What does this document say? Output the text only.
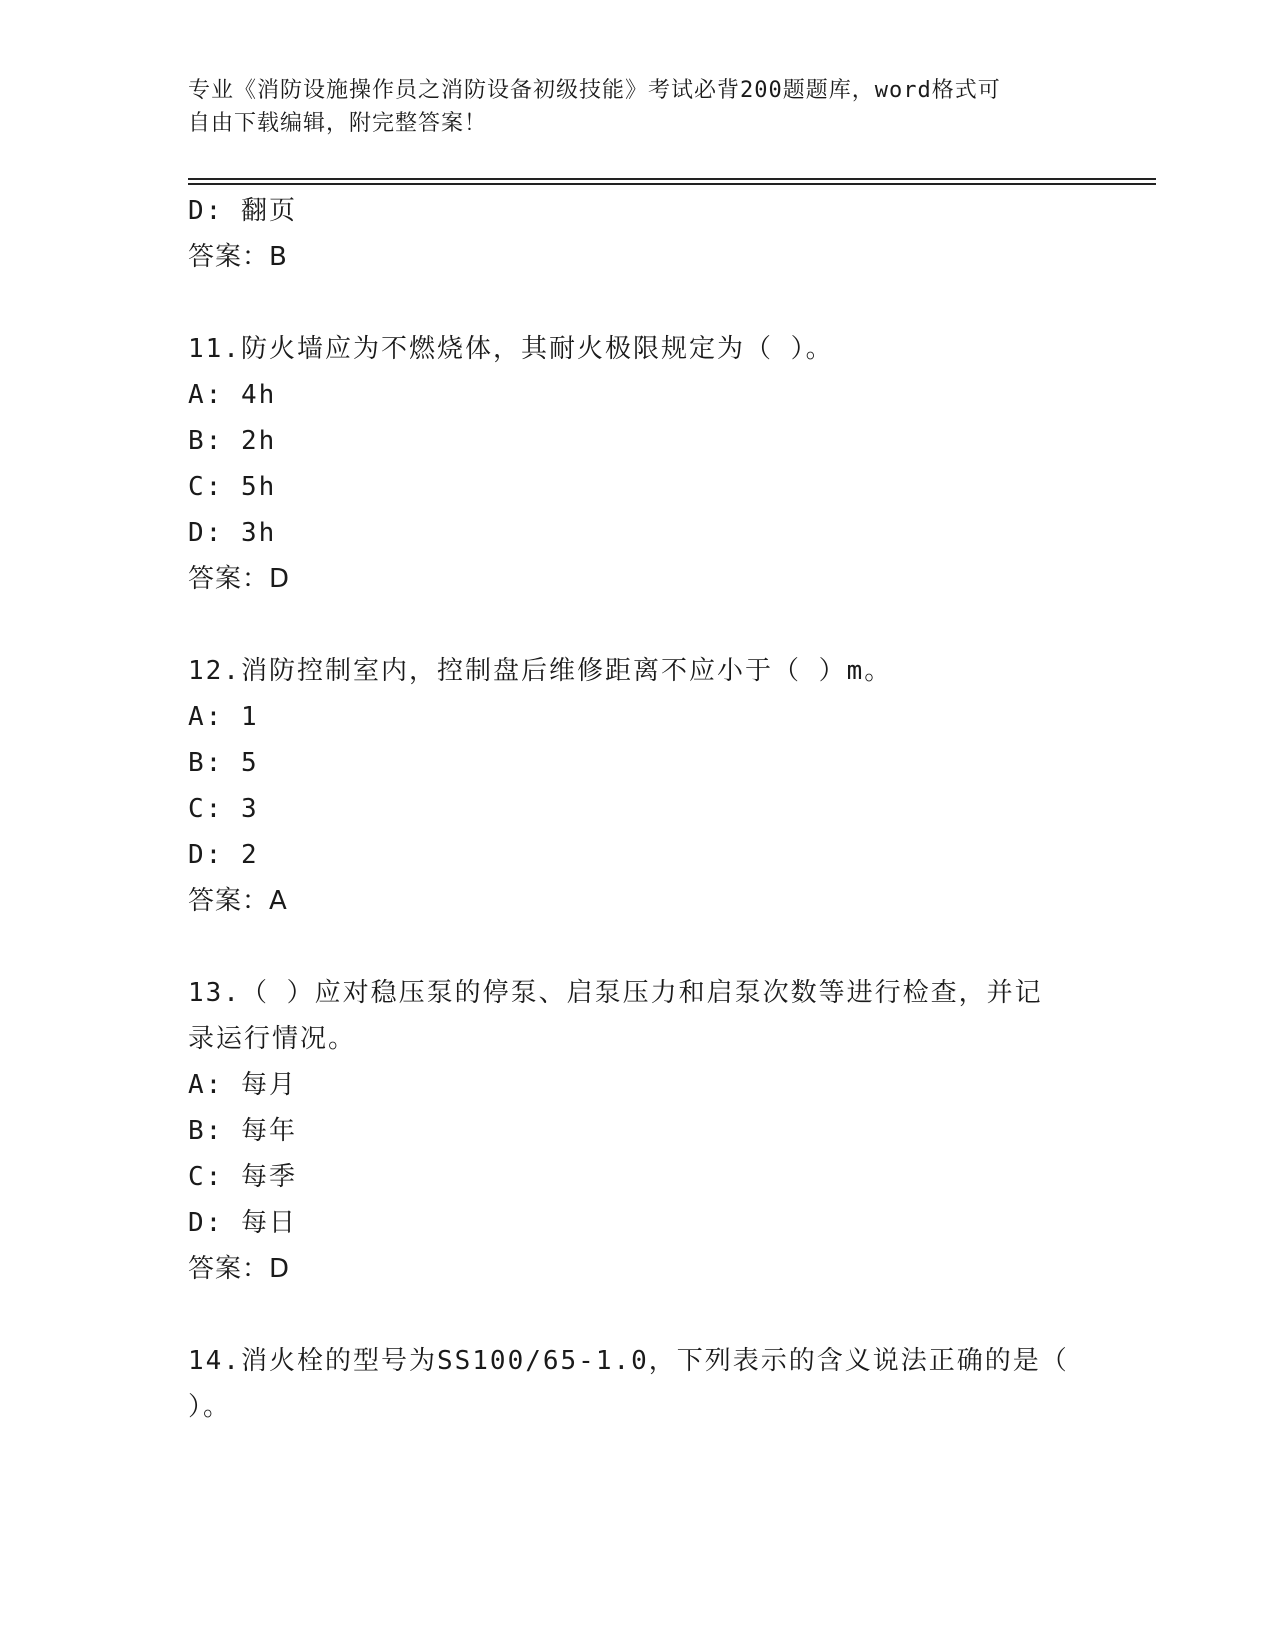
专业《消防设施操作员之消防设备初级技能》考试必背200题题库，word格式可
自由下载编辑，附完整答案！
D: 翻页
答案：B
11.防火墙应为不燃烧体，其耐火极限规定为（ ）。
A: 4h
B: 2h
C: 5h
D: 3h
答案：D
12.消防控制室内，控制盘后维修距离不应小于（ ）m。
A: 1
B: 5
C: 3
D: 2
答案：A
13.（ ）应对稳压泵的停泵、启泵压力和启泵次数等进行检查，并记
录运行情况。
A: 每月
B: 每年
C: 每季
D: 每日
答案：D
14.消火栓的型号为SS100/65-1.0，下列表示的含义说法正确的是（
）。
